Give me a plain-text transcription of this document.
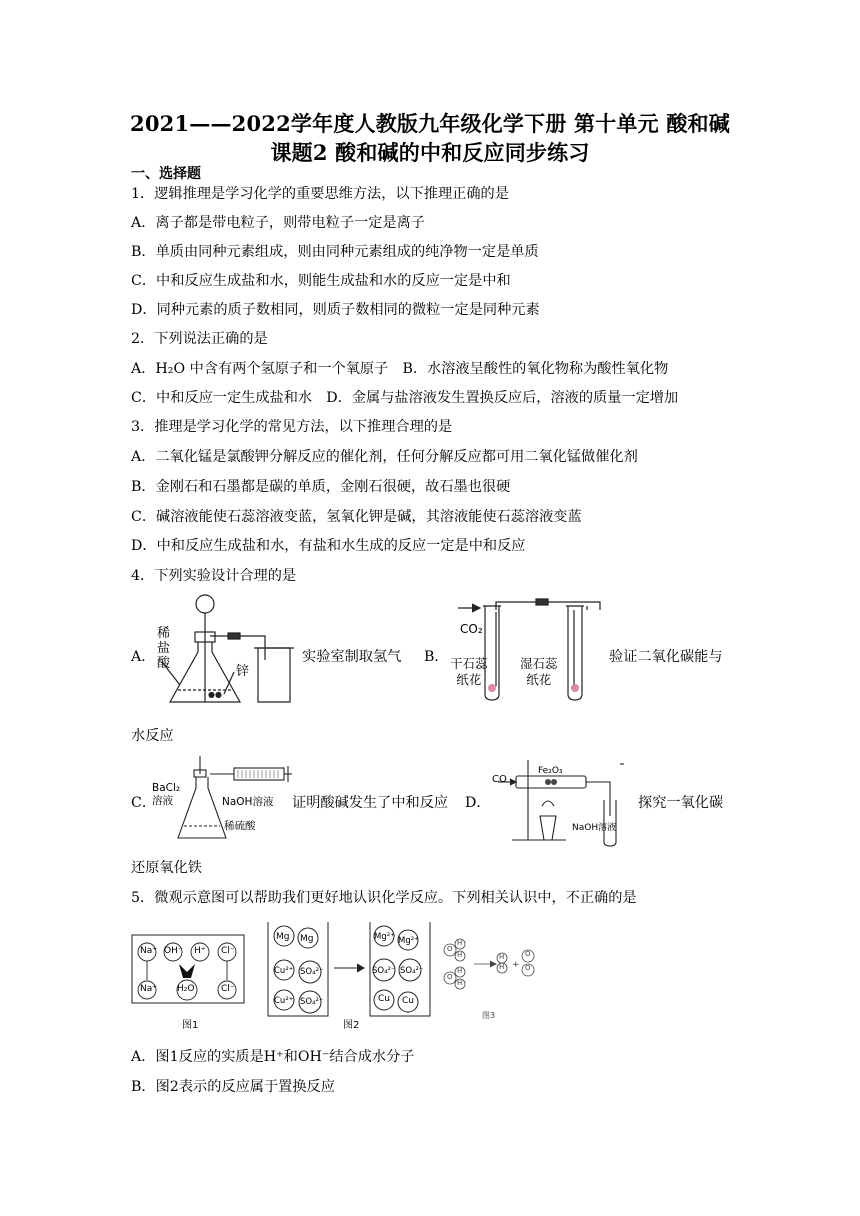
2021——2022学年度人教版九年级化学下册 第十单元 酸和碱
课题2 酸和碱的中和反应同步练习
一、选择题
1．逻辑推理是学习化学的重要思维方法，以下推理正确的是
A．离子都是带电粒子，则带电粒子一定是离子
B．单质由同种元素组成，则由同种元素组成的纯净物一定是单质
C．中和反应生成盐和水，则能生成盐和水的反应一定是中和
D．同种元素的质子数相同，则质子数相同的微粒一定是同种元素
2．下列说法正确的是
A．H₂O 中含有两个氢原子和一个氧原子　B．水溶液呈酸性的氧化物称为酸性氧化物
C．中和反应一定生成盐和水　D．金属与盐溶液发生置换反应后，溶液的质量一定增加
3．推理是学习化学的常见方法，以下推理合理的是
A．二氧化锰是氯酸钾分解反应的催化剂，任何分解反应都可用二氧化锰做催化剂
B．金刚石和石墨都是碳的单质，金刚石很硬，故石墨也很硬
C．碱溶液能使石蕊溶液变蓝，氢氧化钾是碱，其溶液能使石蕊溶液变蓝
D．中和反应生成盐和水，有盐和水生成的反应一定是中和反应
4．下列实验设计合理的是
A．
●●
稀
盐
酸
锌
实验室制取氢气 B．
CO₂
干石蕊
纸花
湿石蕊
纸花
验证二氧化碳能与
水反应
C．
BaCl₂
溶液	NaOH溶液
稀硫酸
证明酸碱发生了中和反应 D．
CO
Fe₂O₃
NaOH溶液
探究一氧化碳
还原氧化铁
5．微观示意图可以帮助我们更好地认识化学反应。下列相关认识中，不正确的是
Na⁺ OH⁻ H⁺ Cl⁻
Na⁺ H₂O	Cl⁻
图1
Mg Mg
Cu²⁺ SO₄²⁻
Cu²⁺ SO₄²⁻
Mg²⁺ Mg²⁺
SO₄²⁻ SO₄²⁻
Cu Cu
图2
+
O
H
H
O
H
H
H
H
O
O
图3
A．图1反应的实质是H⁺和OH⁻结合成水分子
B．图2表示的反应属于置换反应
